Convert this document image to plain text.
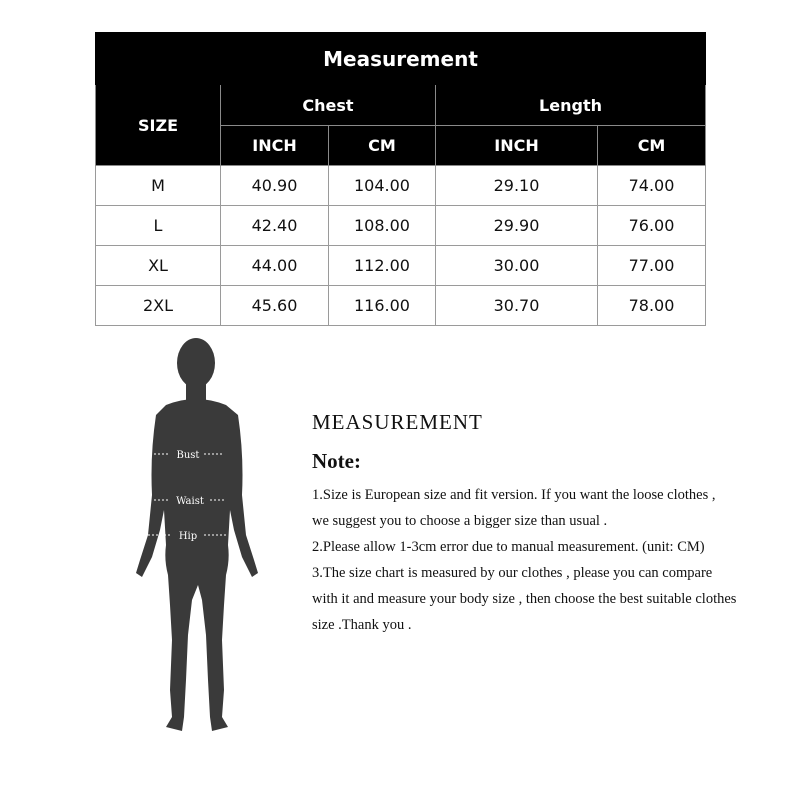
Measurement				
SIZE	Chest		Length	
	INCH	CM	INCH	CM
M	40.90	104.00	29.10	74.00
L	42.40	108.00	29.90	76.00
XL	44.00	112.00	30.00	77.00
2XL	45.60	116.00	30.70	78.00
Bust
Waist
Hip
Sleeve
MEASUREMENT
Note:
1.Size is European size and fit version. If you want the loose clothes ,
we suggest you to choose a bigger size than usual .
2.Please allow 1-3cm error due to manual measurement. (unit: CM)
3.The size chart is measured by our clothes , please you can compare
with it and measure your body size , then choose the best suitable clothes
size .Thank you .
